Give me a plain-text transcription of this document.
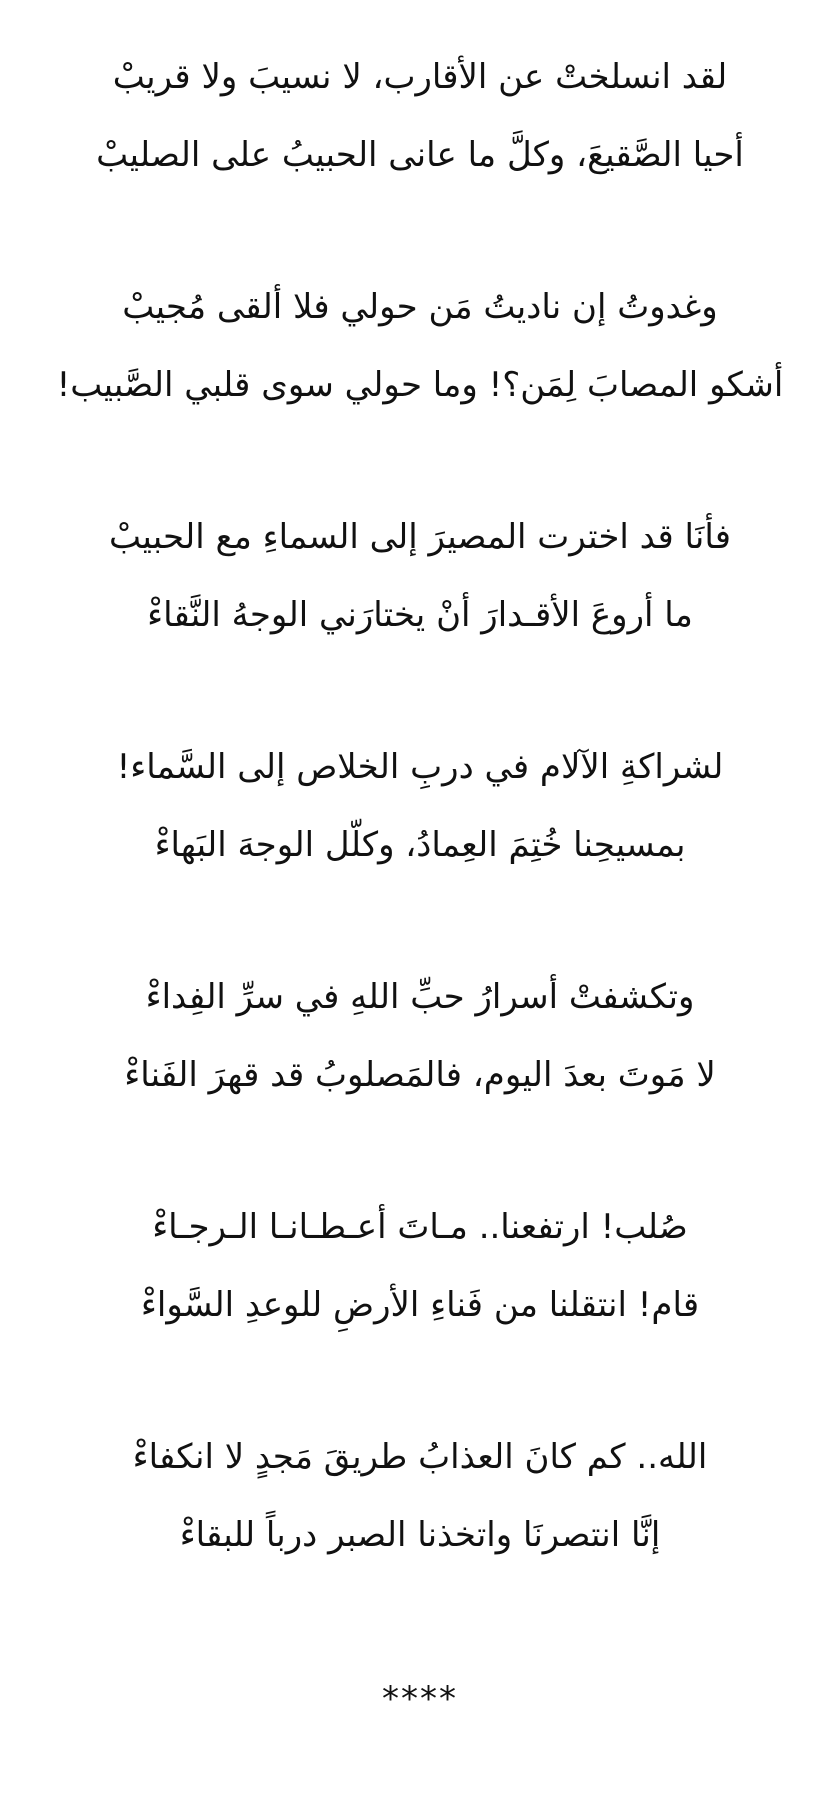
لقد انسلختْ عن الأقارب، لا نسيبَ ولا قريبْ
أحيا الصَّقيعَ، وكلَّ ما عانى الحبيبُ على الصليبْ
وغدوتُ إن ناديتُ مَن حولي فلا ألقى مُجيبْ
أشكو المصابَ لِمَن؟! وما حولي سوى قلبي الصَّبيب!
فأنَا قد اخترت المصيرَ إلى السماءِ مع الحبيبْ
ما أروعَ الأقـدارَ أنْ يختارَني الوجهُ النَّقاءْ
لشراكةِ الآلام في دربِ الخلاص إلى السَّماء!
بمسيحِنا خُتِمَ العِمادُ، وكلّل الوجهَ البَهاءْ
وتكشفتْ أسرارُ حبِّ اللهِ في سرِّ الفِداءْ
لا مَوتَ بعدَ اليوم، فالمَصلوبُ قد قهرَ الفَناءْ
صُلب! ارتفعنا.. مـاتَ أعـطـانـا الـرجـاءْ
قام! انتقلنا من فَناءِ الأرضِ للوعدِ السَّواءْ
الله.. كم كانَ العذابُ طريقَ مَجدٍ لا انكفاءْ
إنَّا انتصرنَا واتخذنا الصبر درباً للبقاءْ
****
